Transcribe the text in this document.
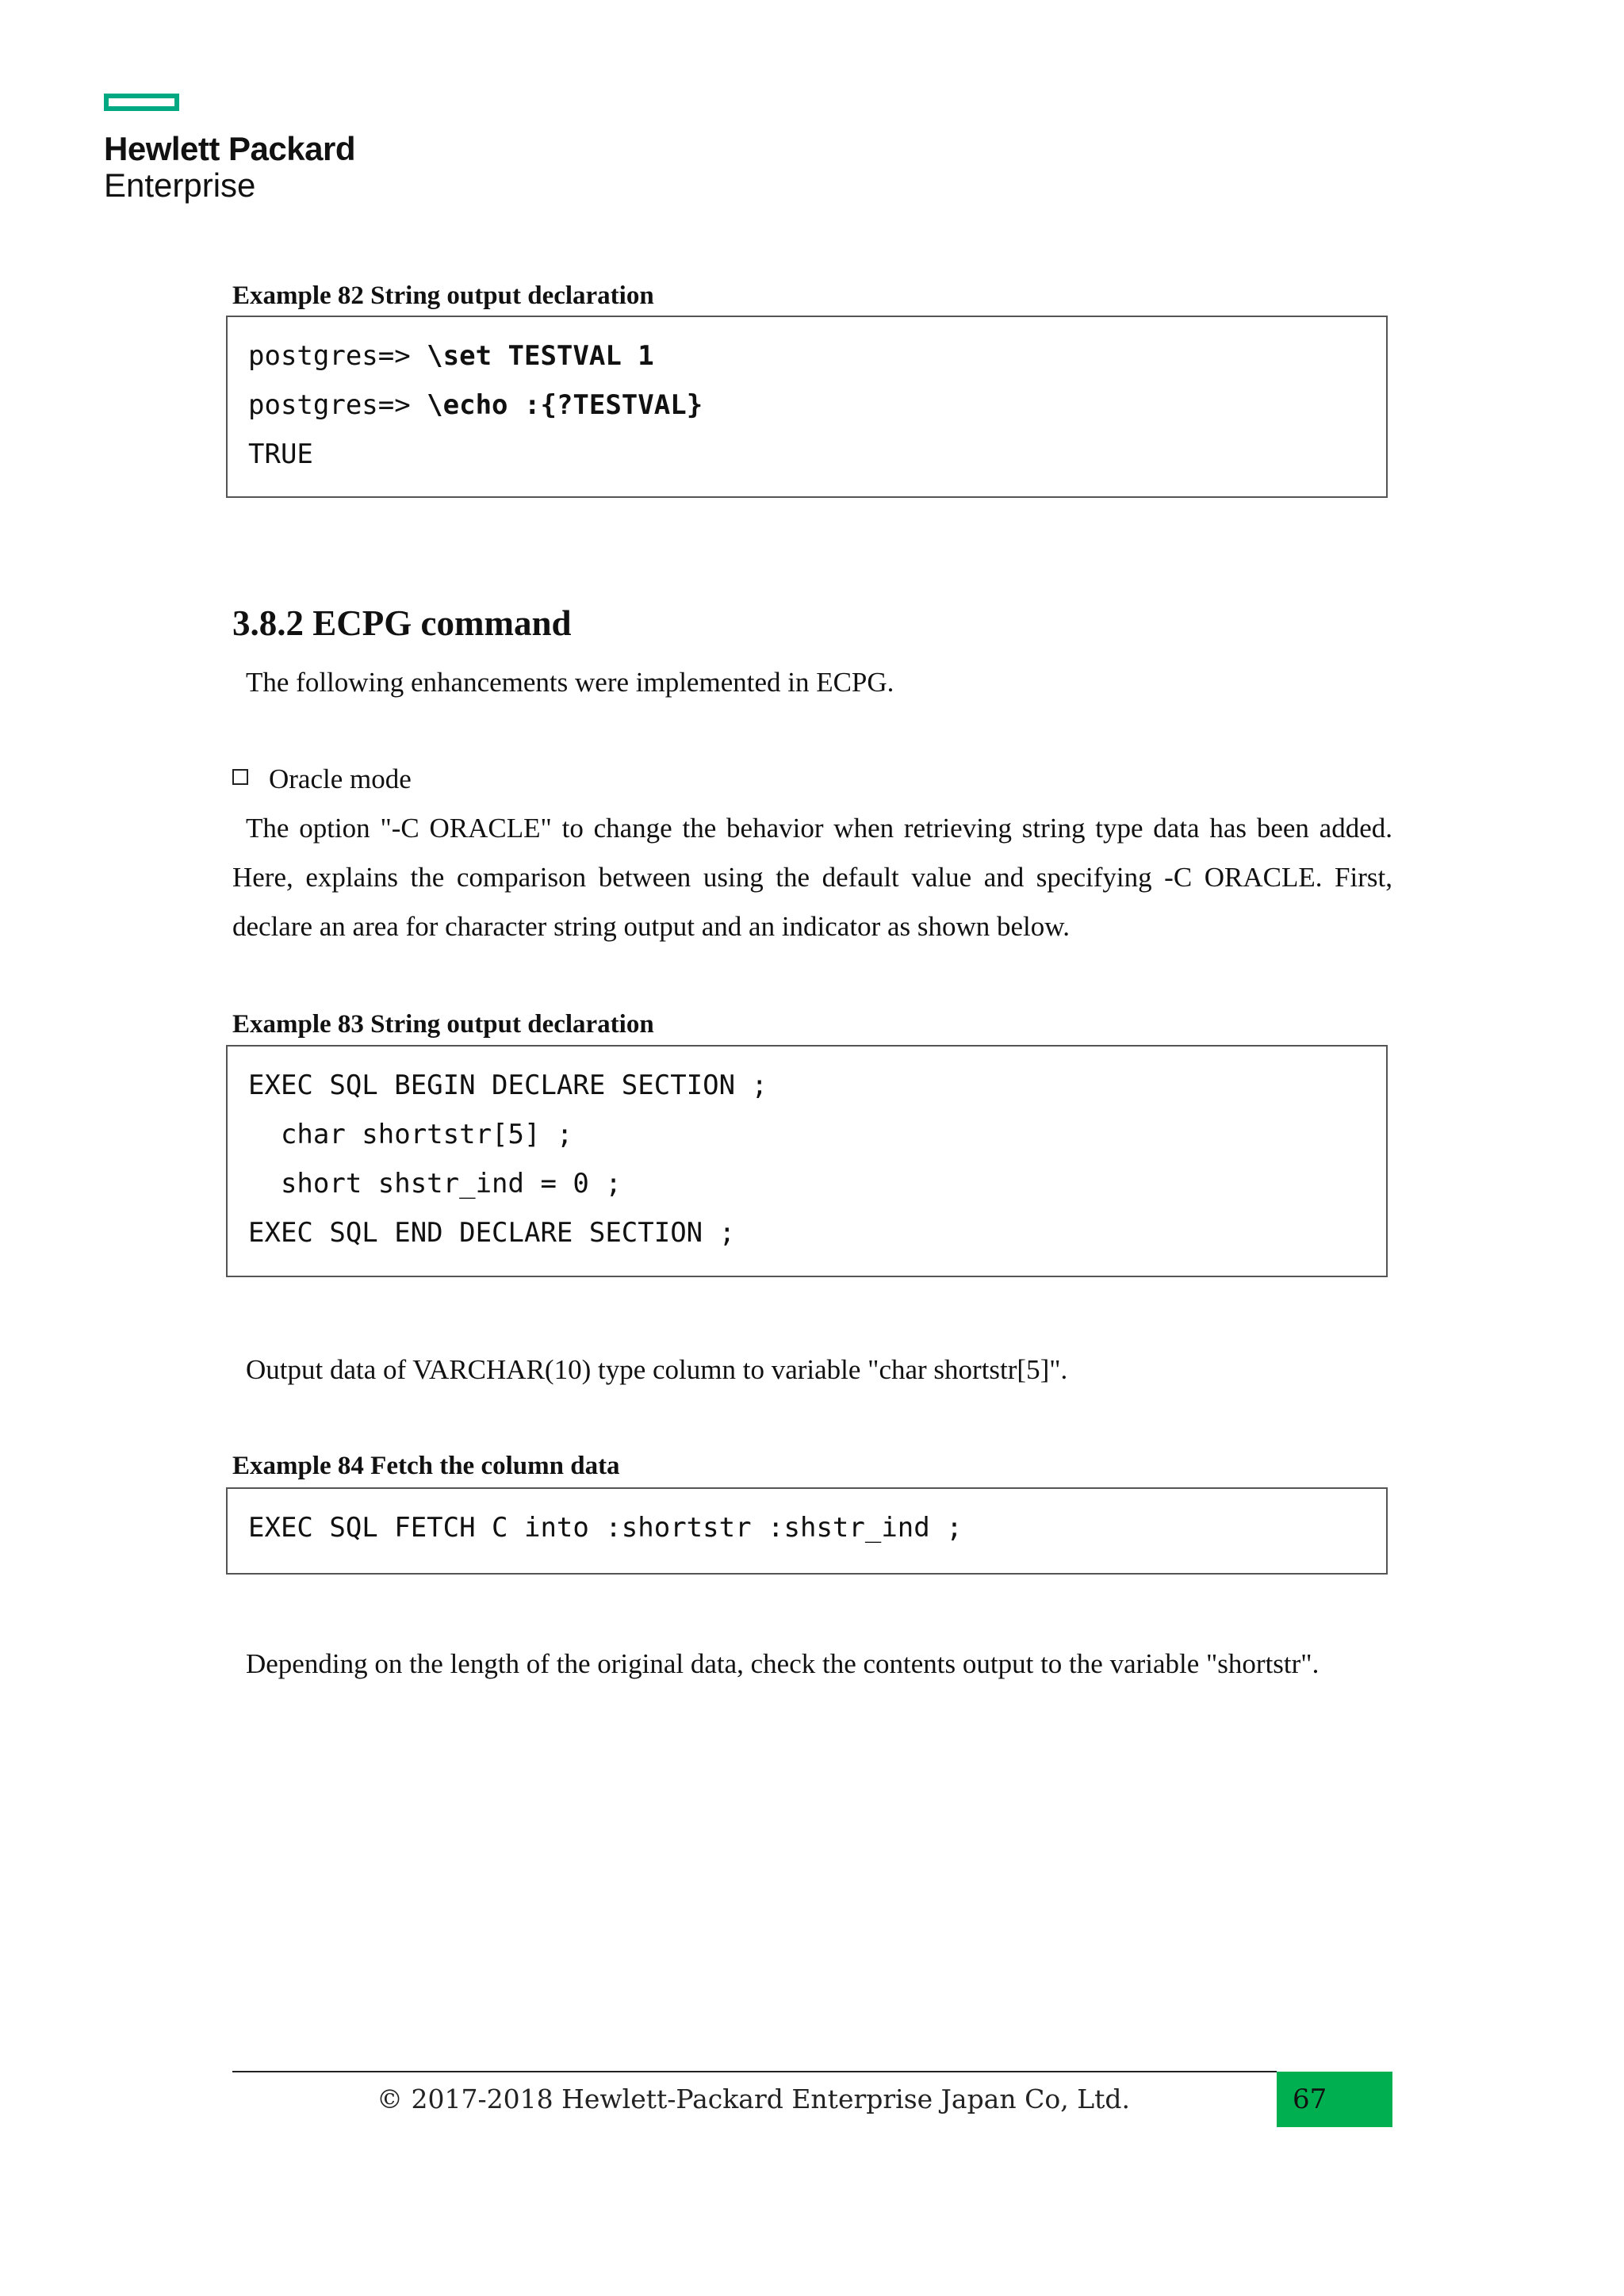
Hewlett Packard
Enterprise
Example 82 String output declaration
postgres=> \set TESTVAL 1
postgres=> \echo :{?TESTVAL}
TRUE
3.8.2 ECPG command
The following enhancements were implemented in ECPG.
Oracle mode
The option "-C ORACLE" to change the behavior when retrieving string type data has been added. Here, explains the comparison between using the default value and specifying -C ORACLE. First, declare an area for character string output and an indicator as shown below.
Example 83 String output declaration
EXEC SQL BEGIN DECLARE SECTION ;
char shortstr[5] ;
short shstr_ind = 0 ;
EXEC SQL END DECLARE SECTION ;
Output data of VARCHAR(10) type column to variable "char shortstr[5]".
Example 84 Fetch the column data
EXEC SQL FETCH C into :shortstr :shstr_ind ;
Depending on the length of the original data, check the contents output to the variable "shortstr".
© 2017-2018 Hewlett-Packard Enterprise Japan Co, Ltd.	67
